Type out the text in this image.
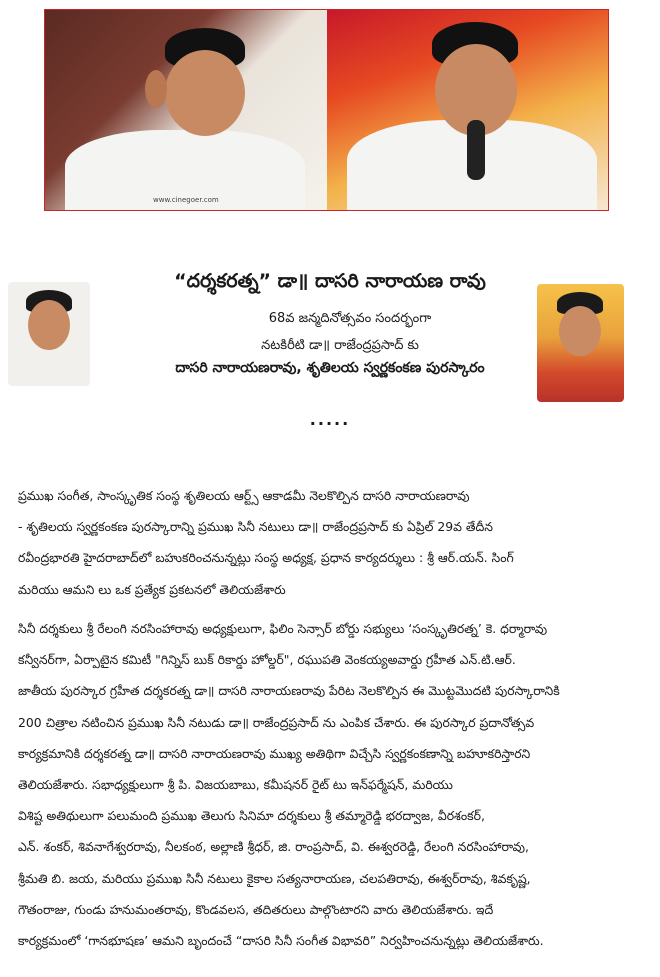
www.cinegoer.com
“దర్శకరత్న” డా॥ దాసరి నారాయణ రావు
68వ జన్మదినోత్సవం సందర్భంగా
నటకిరీటి డా॥ రాజేంద్రప్రసాద్ కు
దాసరి నారాయణరావు, శృతిలయ స్వర్ణకంకణ పురస్కారం
.....
ప్రముఖ సంగీత, సాంస్కృతిక సంస్థ శృతిలయ ఆర్ట్స్ ఆకాడమీ నెలకొల్పిన దాసరి నారాయణరావు
- శృతిలయ స్వర్ణకంకణ పురస్కారాన్ని ప్రముఖ సినీ నటులు డా॥ రాజేంద్రప్రసాద్ కు ఏప్రిల్ 29వ తేదీన
రవీంద్రభారతి హైదరాబాద్‌లో బహుకరించనున్నట్లు సంస్థ అధ్యక్ష, ప్రధాన కార్యదర్శులు : శ్రీ ఆర్.యన్. సింగ్
మరియు ఆమని లు ఒక ప్రత్యేక ప్రకటనలో తెలియజేశారు
సినీ దర్శకులు శ్రీ రేలంగి నరసింహారావు అధ్యక్షులుగా, ఫిలిం సెన్సార్ బోర్డు సభ్యులు ‘సంస్కృతిరత్న’ కె. ధర్మారావు
కన్వీనర్‌గా, ఏర్పాటైన కమిటీ "గిన్నిస్ బుక్ రికార్డు హోల్డర్", రఘుపతి వెంకయ్యఅవార్డు గ్రహీత ఎన్.టి.ఆర్.
జాతీయ పురస్కార గ్రహీత దర్శకరత్న డా॥ దాసరి నారాయణరావు పేరిట నెలకొల్పిన ఈ మొట్టమొదటి పురస్కారానికి
200 చిత్రాల నటించిన ప్రముఖ సినీ నటుడు డా॥ రాజేంద్రప్రసాద్ ను ఎంపిక చేశారు. ఈ పురస్కార ప్రదానోత్సవ
కార్యక్రమానికి దర్శకరత్న డా॥ దాసరి నారాయణరావు ముఖ్య అతిథిగా విచ్చేసి స్వర్ణకంకణాన్ని బహూకరిస్తారని
తెలియజేశారు. సభాధ్యక్షులుగా శ్రీ పి. విజయబాబు, కమీషనర్ రైట్ టు ఇన్‌ఫర్మేషన్, మరియు
విశిష్ట అతిథులుగా పలుమంది ప్రముఖ తెలుగు సినిమా దర్శకులు శ్రీ తమ్మారెడ్డి భరద్వాజ, వీరశంకర్,
ఎన్. శంకర్, శివనాగేశ్వరరావు, నీలకంఠ, అల్లాణి శ్రీధర్, జి. రాంప్రసాద్, వి. ఈశ్వరరెడ్డి, రేలంగి నరసింహారావు,
శ్రీమతి బి. జయ, మరియు ప్రముఖ సినీ నటులు కైకాల సత్యనారాయణ, చలపతిరావు, ఈశ్వర్‌రావు, శివకృష్ణ,
గౌతంరాజు, గుండు హనుమంతరావు, కొండవలస, తదితరులు పాల్గొంటారని వారు తెలియజేశారు. ఇదే
కార్యక్రమంలో ‘గానభూషణ’ ఆమని బృందంచే “దాసరి సినీ సంగీత విభావరి” నిర్వహించనున్నట్లు తెలియజేశారు.
